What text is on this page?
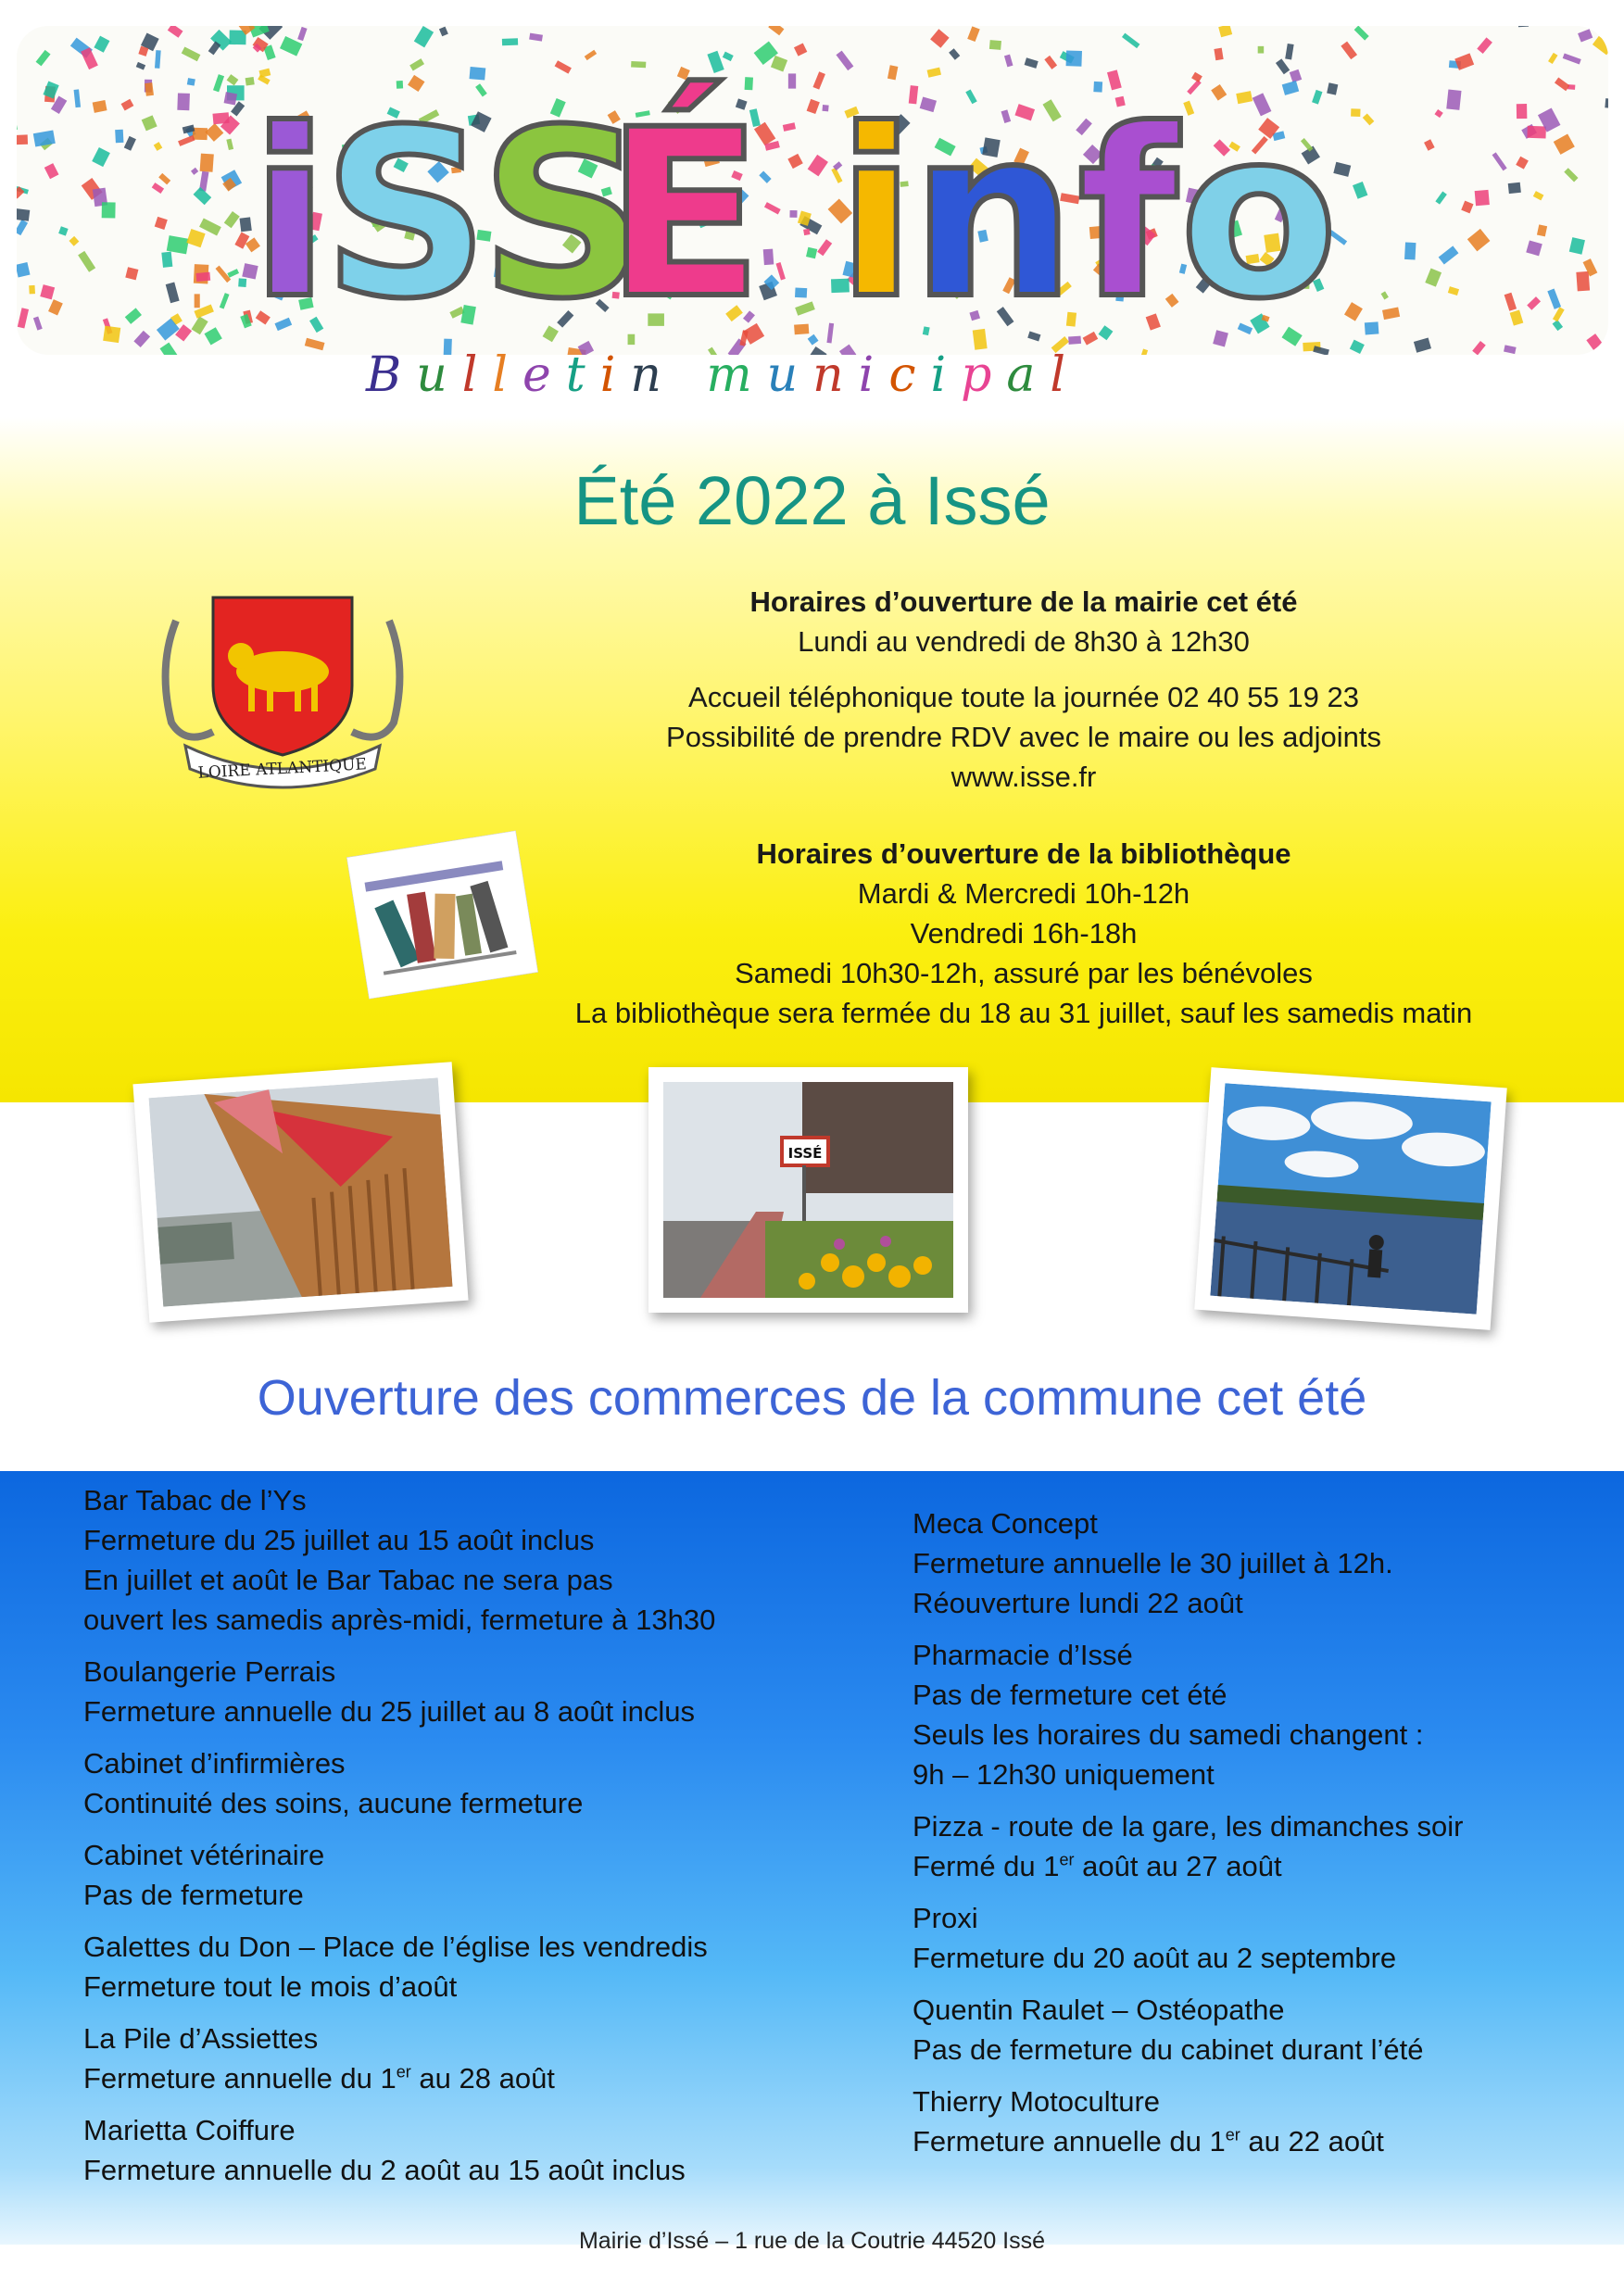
i
S
S
É i
n f o
Bulletin municipal
Été 2022 à Issé
LOIRE ATLANTIQUE
Horaires d’ouverture de la mairie cet été
Lundi au vendredi de 8h30 à 12h30
Accueil téléphonique toute la journée 02 40 55 19 23
Possibilité de prendre RDV avec le maire ou les adjoints
www.isse.fr
Horaires d’ouverture de la bibliothèque
Mardi & Mercredi 10h-12h
Vendredi 16h-18h
Samedi 10h30-12h, assuré par les bénévoles
La bibliothèque sera fermée du 18 au 31 juillet, sauf les samedis matin
ISSÉ
Ouverture des commerces de la commune cet été
Bar Tabac de l’Ys
Fermeture du 25 juillet au 15 août inclus
En juillet et août le Bar Tabac ne sera pas
ouvert les samedis après-midi, fermeture à 13h30
Boulangerie Perrais
Fermeture annuelle du 25 juillet au 8 août inclus
Cabinet d’infirmières
Continuité des soins, aucune fermeture
Cabinet vétérinaire
Pas de fermeture
Galettes du Don – Place de l’église les vendredis
Fermeture tout le mois d’août
La Pile d’Assiettes
Fermeture annuelle du 1er au 28 août
Marietta Coiffure
Fermeture annuelle du 2 août au 15 août inclus
Meca Concept
Fermeture annuelle le 30 juillet à 12h.
Réouverture lundi 22 août
Pharmacie d’Issé
Pas de fermeture cet été
Seuls les horaires du samedi changent :
9h – 12h30 uniquement
Pizza - route de la gare, les dimanches soir
Fermé du 1er août au 27 août
Proxi
Fermeture du 20 août au 2 septembre
Quentin Raulet – Ostéopathe
Pas de fermeture du cabinet durant l’été
Thierry Motoculture
Fermeture annuelle du 1er au 22 août
Mairie d’Issé – 1 rue de la Coutrie 44520 Issé
